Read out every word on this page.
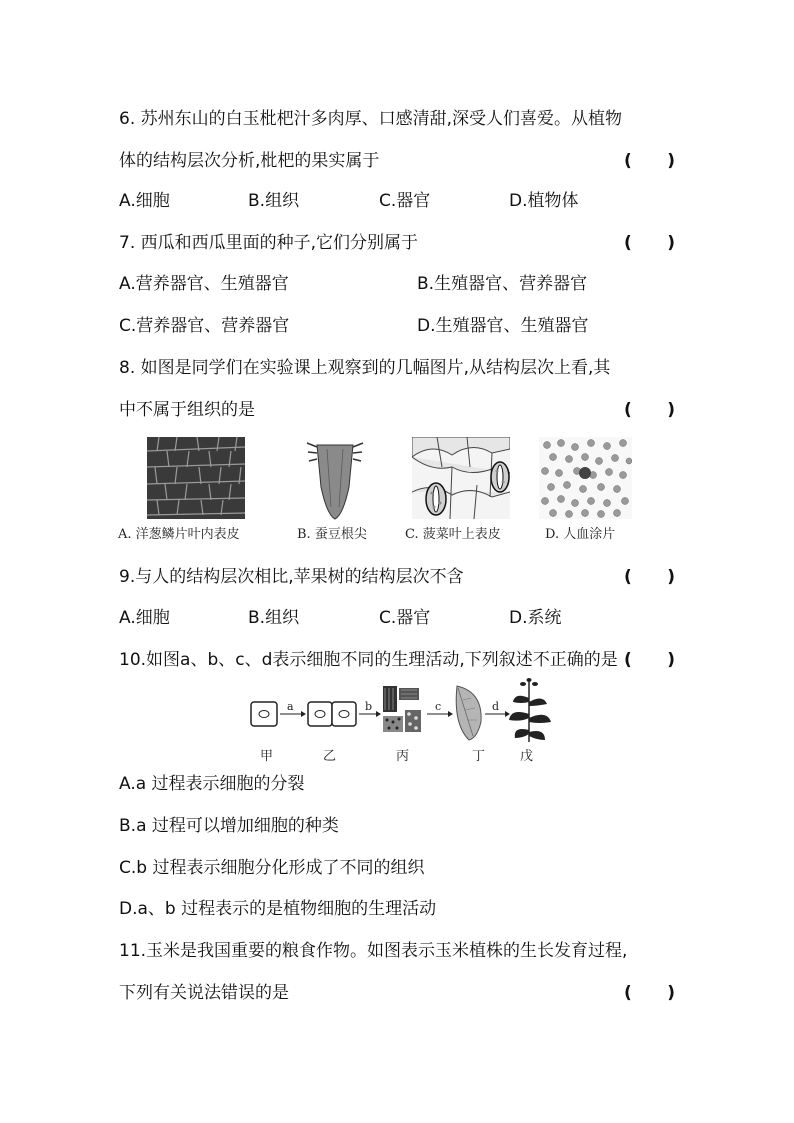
6. 苏州东山的白玉枇杷汁多肉厚、口感清甜,深受人们喜爱。从植物
体的结构层次分析,枇杷的果实属于	(      )
A.细胞	B.组织	C.器官	D.植物体
7. 西瓜和西瓜里面的种子,它们分别属于	(      )
A.营养器官、生殖器官	B.生殖器官、营养器官
C.营养器官、营养器官	D.生殖器官、生殖器官
8. 如图是同学们在实验课上观察到的几幅图片,从结构层次上看,其
中不属于组织的是	(      )
A. 洋葱鳞片叶内表皮	B. 蚕豆根尖	C. 菠菜叶上表皮	D. 人血涂片
9.与人的结构层次相比,苹果树的结构层次不含	(      )
A.细胞	B.组织	C.器官	D.系统
10.如图a、b、c、d表示细胞不同的生理活动,下列叙述不正确的是 (      )
a	b	c	d
甲	乙	丙	丁	戊
A.a 过程表示细胞的分裂
B.a 过程可以增加细胞的种类
C.b 过程表示细胞分化形成了不同的组织
D.a、b 过程表示的是植物细胞的生理活动
11.玉米是我国重要的粮食作物。如图表示玉米植株的生长发育过程,
下列有关说法错误的是	(      )
